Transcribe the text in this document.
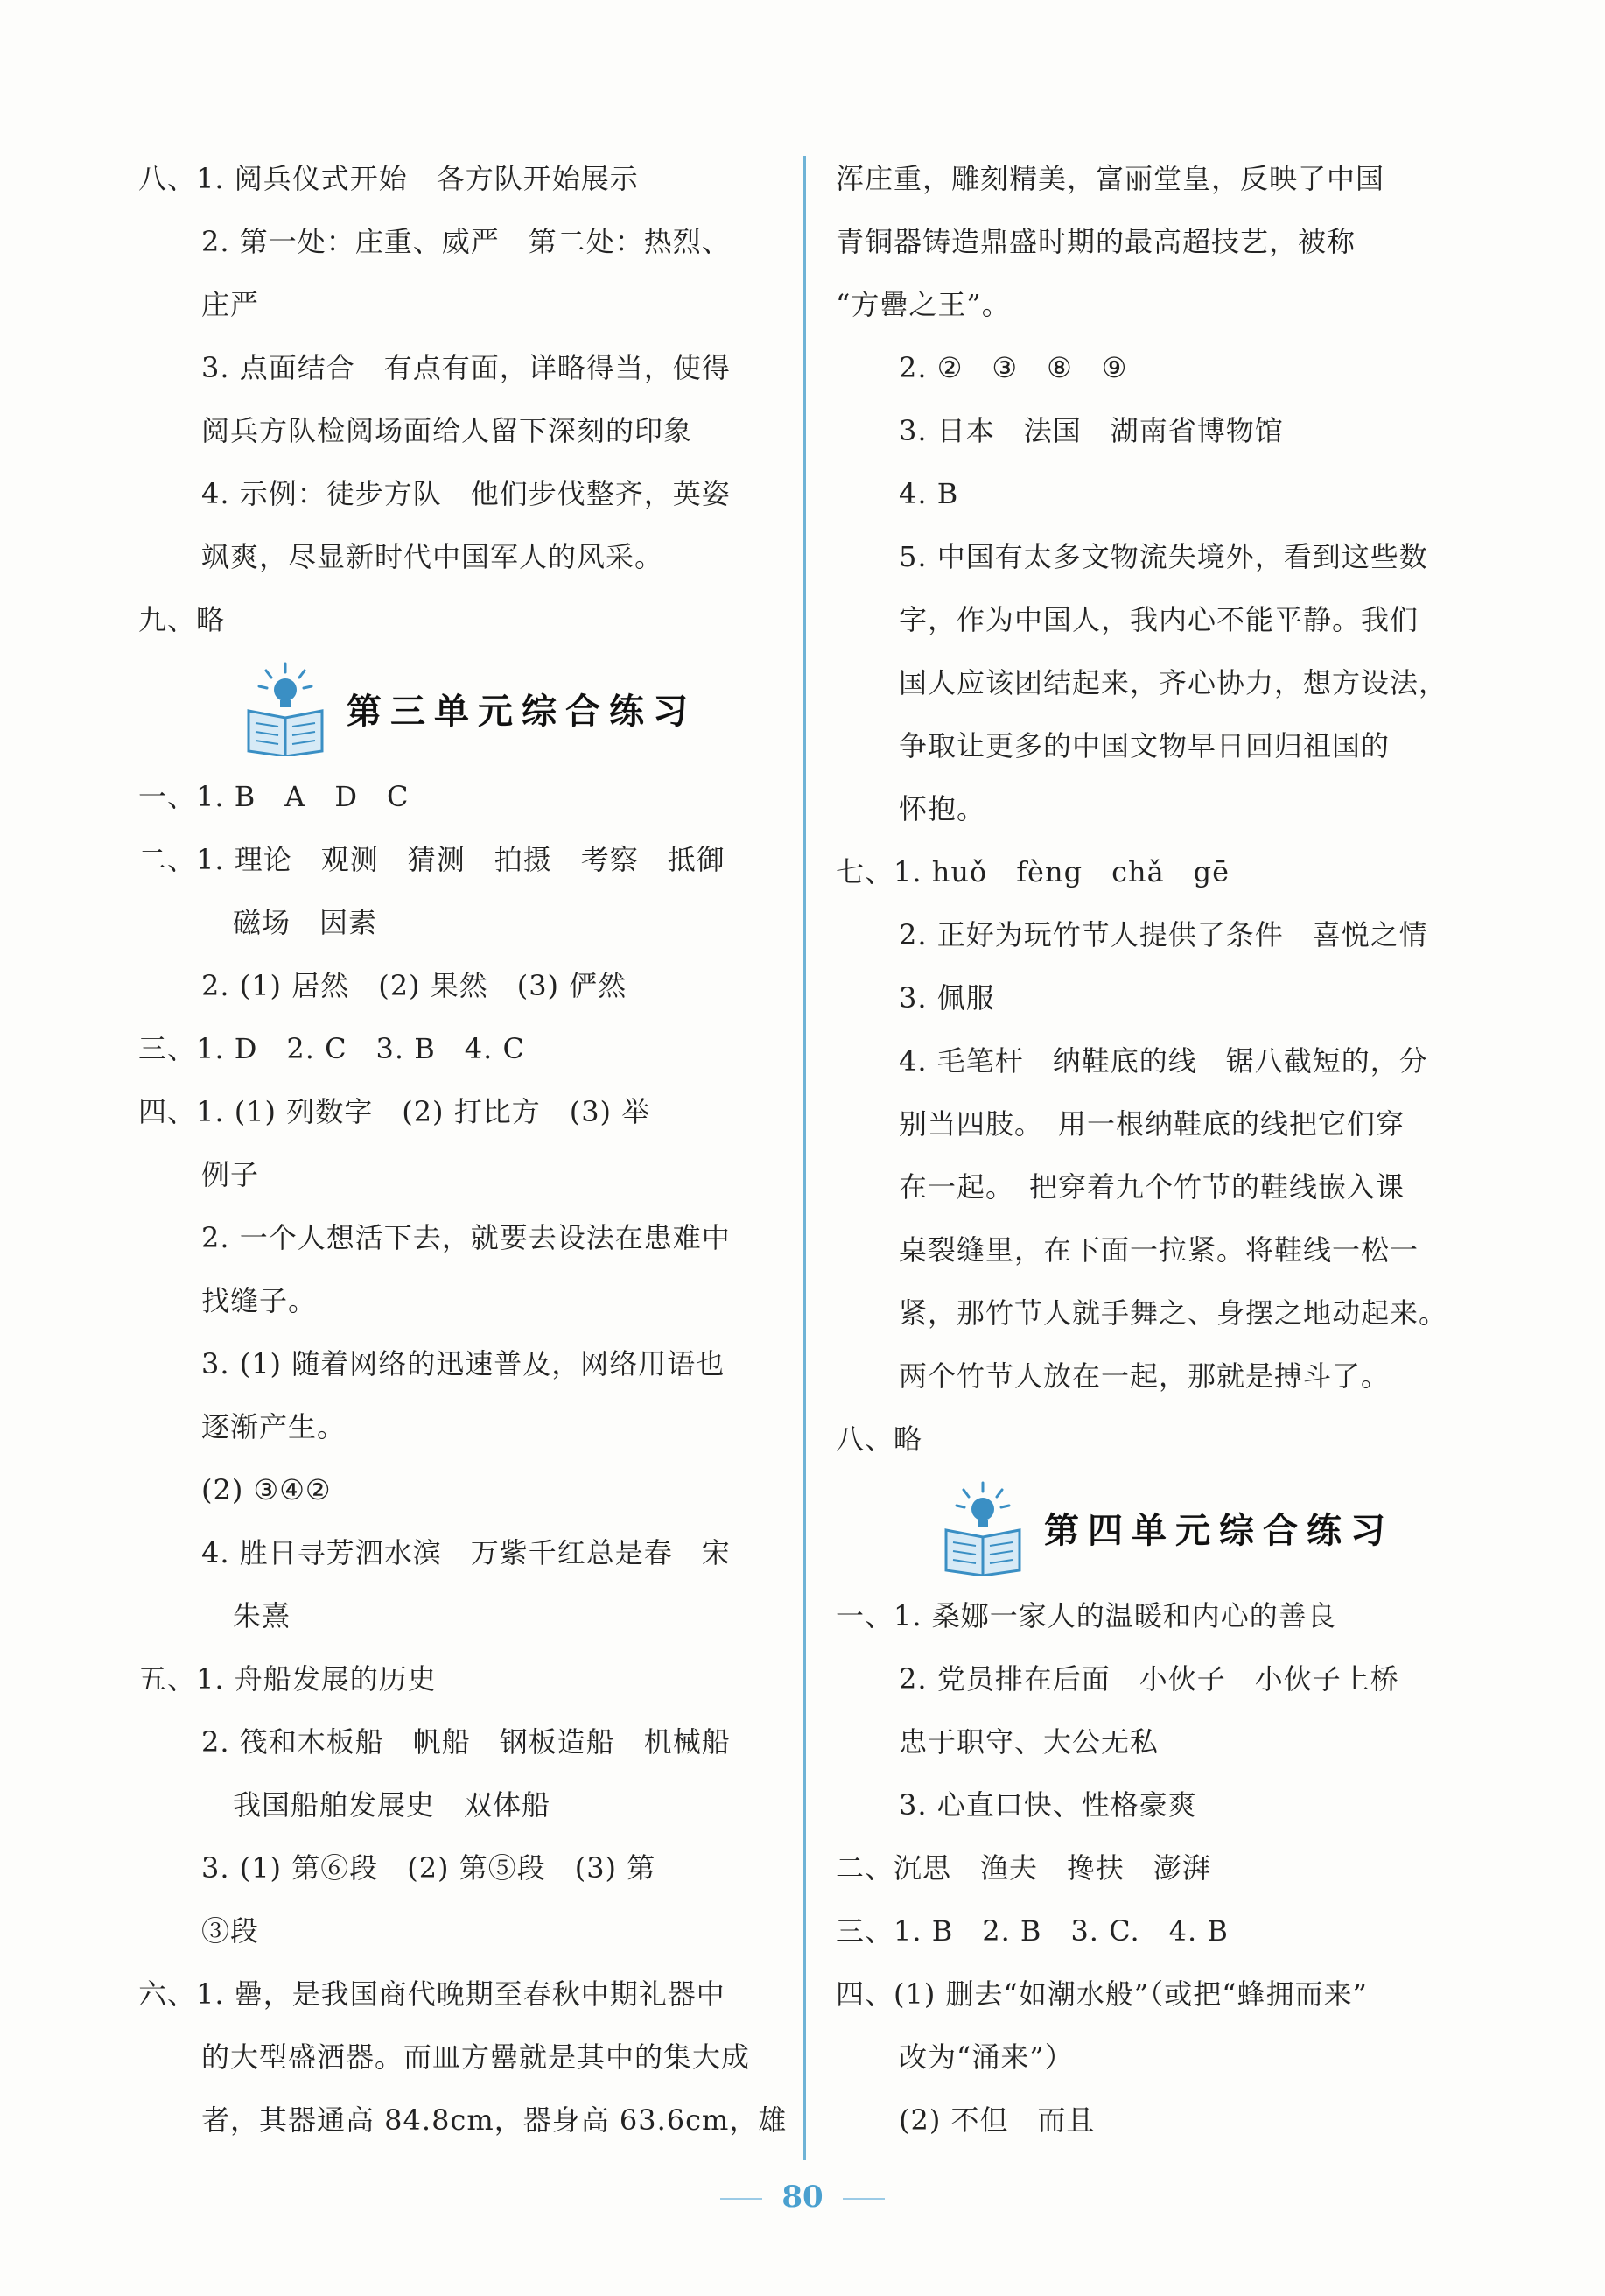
八、1. 阅兵仪式开始　各方队开始展示
2. 第一处：庄重、威严　第二处：热烈、
庄严
3. 点面结合　有点有面，详略得当，使得
阅兵方队检阅场面给人留下深刻的印象
4. 示例：徒步方队　他们步伐整齐，英姿
飒爽，尽显新时代中国军人的风采。
九、略
第三单元综合练习
一、1. B　A　D　C
二、1. 理论　观测　猜测　拍摄　考察　抵御
磁场　因素
2. (1) 居然　(2) 果然　(3) 俨然
三、1. D　2. C　3. B　4. C
四、1. (1) 列数字　(2) 打比方　(3) 举
例子
2. 一个人想活下去，就要去设法在患难中
找缝子。
3. (1) 随着网络的迅速普及，网络用语也
逐渐产生。
(2) ③④②
4. 胜日寻芳泗水滨　万紫千红总是春　宋
朱熹
五、1. 舟船发展的历史
2. 筏和木板船　帆船　钢板造船　机械船
我国船舶发展史　双体船
3. (1) 第⑥段　(2) 第⑤段　(3) 第
③段
六、1. 罍，是我国商代晚期至春秋中期礼器中
的大型盛酒器。而皿方罍就是其中的集大成
者，其器通高 84.8cm，器身高 63.6cm，雄
浑庄重，雕刻精美，富丽堂皇，反映了中国
青铜器铸造鼎盛时期的最高超技艺，被称
“方罍之王”。
2. ②　③　⑧　⑨
3. 日本　法国　湖南省博物馆
4. B
5. 中国有太多文物流失境外，看到这些数
字，作为中国人，我内心不能平静。我们
国人应该团结起来，齐心协力，想方设法，
争取让更多的中国文物早日回归祖国的
怀抱。
七、1. huǒ　fèng　chǎ　gē
2. 正好为玩竹节人提供了条件　喜悦之情
3. 佩服
4. 毛笔杆　纳鞋底的线　锯八截短的，分
别当四肢。　用一根纳鞋底的线把它们穿
在一起。　把穿着九个竹节的鞋线嵌入课
桌裂缝里，在下面一拉紧。将鞋线一松一
紧，那竹节人就手舞之、身摆之地动起来。
两个竹节人放在一起，那就是搏斗了。
八、略
第四单元综合练习
一、1. 桑娜一家人的温暖和内心的善良
2. 党员排在后面　小伙子　小伙子上桥
忠于职守、大公无私
3. 心直口快、性格豪爽
二、沉思　渔夫　搀扶　澎湃
三、1. B　2. B　3. C.　4. B
四、(1) 删去“如潮水般”（或把“蜂拥而来”
改为“涌来”）
(2) 不但　而且
80
